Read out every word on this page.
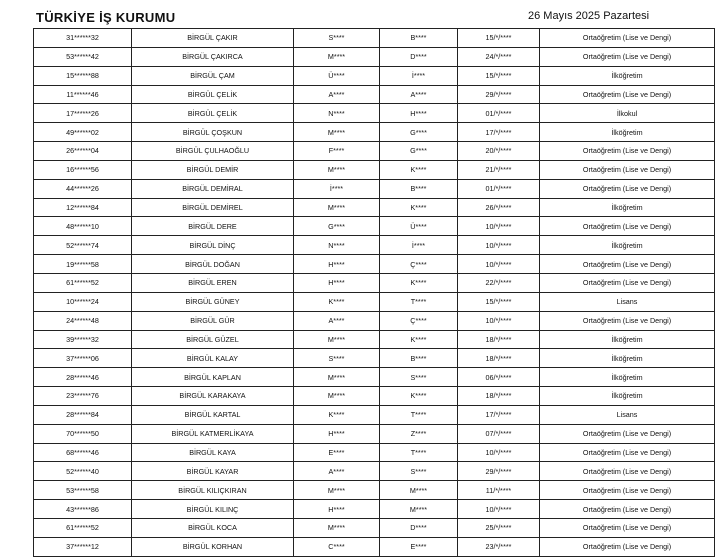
TÜRKİYE İŞ KURUMU	26 Mayıs 2025 Pazartesi
31******32	BİRGÜL ÇAKIR	S****	B****	15/*/****	Ortaöğretim (Lise ve Dengi)
53******42	BİRGÜL ÇAKIRCA	M****	D****	24/*/****	Ortaöğretim (Lise ve Dengi)
15******88	BİRGÜL ÇAM	Ü****	İ****	15/*/****	İlköğretim
11******46	BİRGÜL ÇELİK	A****	A****	29/*/****	Ortaöğretim (Lise ve Dengi)
17******26	BİRGÜL ÇELİK	N****	H****	01/*/****	İlkokul
49******02	BİRGÜL ÇOŞKUN	M****	G****	17/*/****	İlköğretim
26******04	BİRGÜL ÇULHAOĞLU	F****	G****	20/*/****	Ortaöğretim (Lise ve Dengi)
16******56	BİRGÜL DEMİR	M****	K****	21/*/****	Ortaöğretim (Lise ve Dengi)
44******26	BİRGÜL DEMİRAL	İ****	B****	01/*/****	Ortaöğretim (Lise ve Dengi)
12******84	BİRGÜL DEMİREL	M****	K****	26/*/****	İlköğretim
48******10	BİRGÜL DERE	G****	Ü****	10/*/****	Ortaöğretim (Lise ve Dengi)
52******74	BİRGÜL DİNÇ	N****	İ****	10/*/****	İlköğretim
19******58	BİRGÜL DOĞAN	H****	Ç****	10/*/****	Ortaöğretim (Lise ve Dengi)
61******52	BİRGÜL EREN	H****	K****	22/*/****	Ortaöğretim (Lise ve Dengi)
10******24	BİRGÜL GÜNEY	K****	T****	15/*/****	Lisans
24******48	BİRGÜL GÜR	A****	Ç****	10/*/****	Ortaöğretim (Lise ve Dengi)
39******32	BİRGÜL GÜZEL	M****	K****	18/*/****	İlköğretim
37******06	BİRGÜL KALAY	S****	B****	18/*/****	İlköğretim
28******46	BİRGÜL KAPLAN	M****	S****	06/*/****	İlköğretim
23******76	BİRGÜL KARAKAYA	M****	K****	18/*/****	İlköğretim
28******84	BİRGÜL KARTAL	K****	T****	17/*/****	Lisans
70******50	BİRGÜL KATMERLİKAYA	H****	Z****	07/*/****	Ortaöğretim (Lise ve Dengi)
68******46	BİRGÜL KAYA	E****	T****	10/*/****	Ortaöğretim (Lise ve Dengi)
52******40	BİRGÜL KAYAR	A****	S****	29/*/****	Ortaöğretim (Lise ve Dengi)
53******58	BİRGÜL KILIÇKIRAN	M****	M****	11/*/****	Ortaöğretim (Lise ve Dengi)
43******86	BİRGÜL KILINÇ	H****	M****	10/*/****	Ortaöğretim (Lise ve Dengi)
61******52	BİRGÜL KOCA	M****	D****	25/*/****	Ortaöğretim (Lise ve Dengi)
37******12	BİRGÜL KORHAN	C****	E****	23/*/****	Ortaöğretim (Lise ve Dengi)
